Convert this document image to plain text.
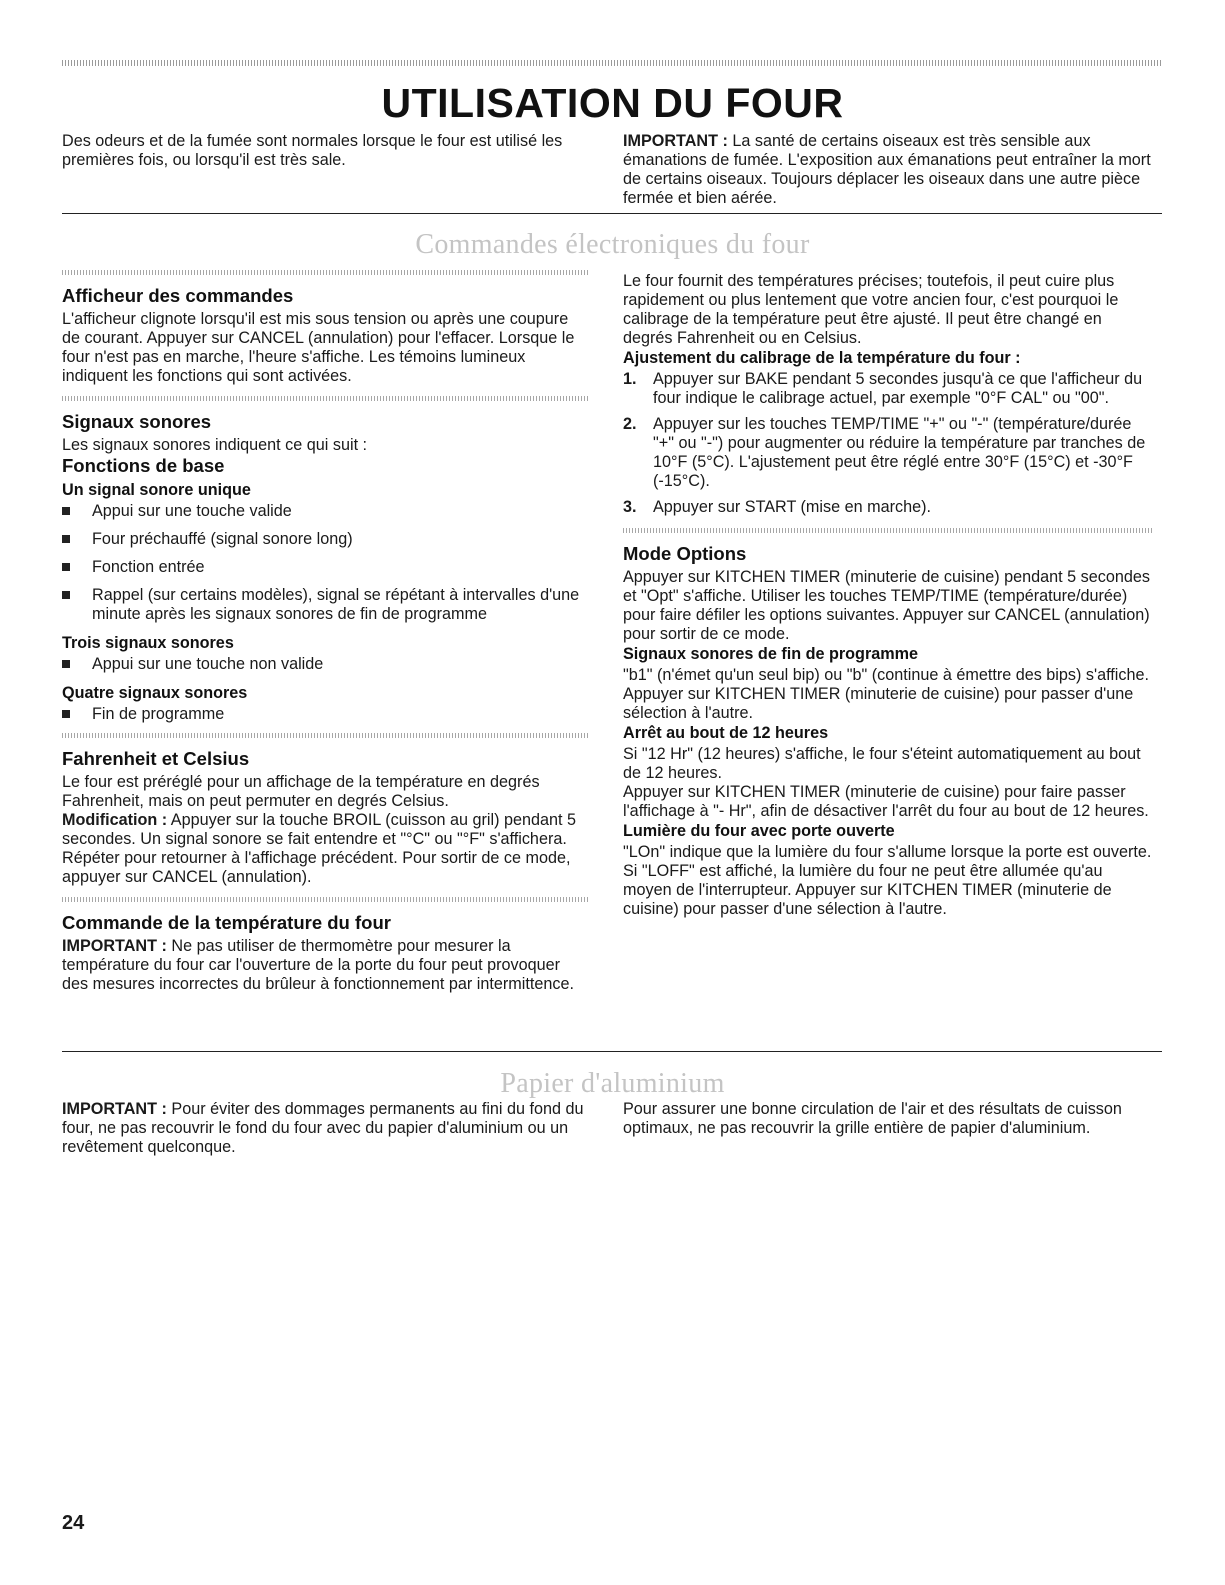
UTILISATION DU FOUR

Des odeurs et de la fumée sont normales lorsque le four est utilisé les premières fois, ou lorsqu'il est très sale.

IMPORTANT : La santé de certains oiseaux est très sensible aux émanations de fumée. L'exposition aux émanations peut entraîner la mort de certains oiseaux. Toujours déplacer les oiseaux dans une autre pièce fermée et bien aérée.

Commandes électroniques du four
Afficheur des commandes

L'afficheur clignote lorsqu'il est mis sous tension ou après une coupure de courant. Appuyer sur CANCEL (annulation) pour l'effacer. Lorsque le four n'est pas en marche, l'heure s'affiche. Les témoins lumineux indiquent les fonctions qui sont activées.

Signaux sonores

Les signaux sonores indiquent ce qui suit :

Fonctions de base
Un signal sonore unique
Appui sur une touche valide
Four préchauffé (signal sonore long)
Fonction entrée
Rappel (sur certains modèles), signal se répétant à intervalles d'une minute après les signaux sonores de fin de programme
Trois signaux sonores
Appui sur une touche non valide
Quatre signaux sonores
Fin de programme
Fahrenheit et Celsius

Le four est préréglé pour un affichage de la température en degrés Fahrenheit, mais on peut permuter en degrés Celsius.

Modification : Appuyer sur la touche BROIL (cuisson au gril) pendant 5 secondes. Un signal sonore se fait entendre et "°C" ou "°F" s'affichera. Répéter pour retourner à l'affichage précédent. Pour sortir de ce mode, appuyer sur CANCEL (annulation).

Commande de la température du four

IMPORTANT : Ne pas utiliser de thermomètre pour mesurer la température du four car l'ouverture de la porte du four peut provoquer des mesures incorrectes du brûleur à fonctionnement par intermittence.

Le four fournit des températures précises; toutefois, il peut cuire plus rapidement ou plus lentement que votre ancien four, c'est pourquoi le calibrage de la température peut être ajusté. Il peut être changé en degrés Fahrenheit ou en Celsius.

Ajustement du calibrage de la température du four :
1. Appuyer sur BAKE pendant 5 secondes jusqu'à ce que l'afficheur du four indique le calibrage actuel, par exemple "0°F CAL" ou "00".
2. Appuyer sur les touches TEMP/TIME "+" ou "-" (température/durée "+" ou "-") pour augmenter ou réduire la température par tranches de 10°F (5°C). L'ajustement peut être réglé entre 30°F (15°C) et -30°F (-15°C).
3. Appuyer sur START (mise en marche).
Mode Options

Appuyer sur KITCHEN TIMER (minuterie de cuisine) pendant 5 secondes et "Opt" s'affiche. Utiliser les touches TEMP/TIME (température/durée) pour faire défiler les options suivantes. Appuyer sur CANCEL (annulation) pour sortir de ce mode.

Signaux sonores de fin de programme

"b1" (n'émet qu'un seul bip) ou "b" (continue à émettre des bips) s'affiche. Appuyer sur KITCHEN TIMER (minuterie de cuisine) pour passer d'une sélection à l'autre.

Arrêt au bout de 12 heures

Si "12 Hr" (12 heures) s'affiche, le four s'éteint automatiquement au bout de 12 heures.

Appuyer sur KITCHEN TIMER (minuterie de cuisine) pour faire passer l'affichage à "- Hr", afin de désactiver l'arrêt du four au bout de 12 heures.

Lumière du four avec porte ouverte

"LOn" indique que la lumière du four s'allume lorsque la porte est ouverte. Si "LOFF" est affiché, la lumière du four ne peut être allumée qu'au moyen de l'interrupteur. Appuyer sur KITCHEN TIMER (minuterie de cuisine) pour passer d'une sélection à l'autre.

Papier d'aluminium

IMPORTANT : Pour éviter des dommages permanents au fini du fond du four, ne pas recouvrir le fond du four avec du papier d'aluminium ou un revêtement quelconque.

Pour assurer une bonne circulation de l'air et des résultats de cuisson optimaux, ne pas recouvrir la grille entière de papier d'aluminium.

24
